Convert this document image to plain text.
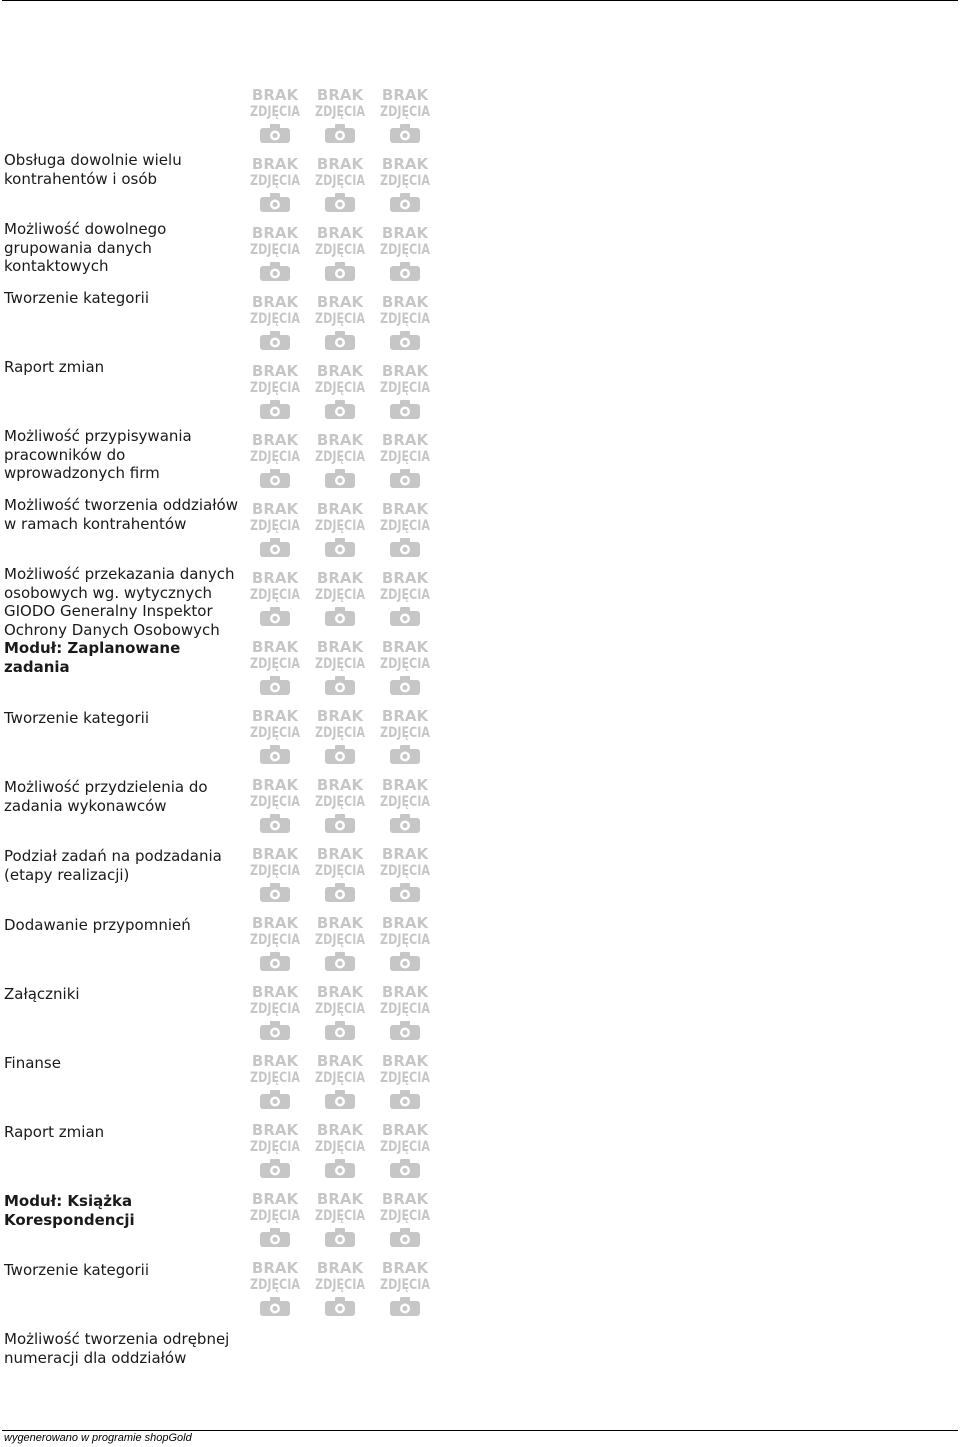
Obsługa dowolnie wielu kontrahentów i osób
Możliwość dowolnego grupowania danych kontaktowych
Tworzenie kategorii
Raport zmian
Możliwość przypisywania pracowników do wprowadzonych firm
Możliwość tworzenia oddziałów w ramach kontrahentów
Możliwość przekazania danych osobowych wg. wytycznych GIODO Generalny Inspektor Ochrony Danych Osobowych
Moduł: Zaplanowane zadania
Tworzenie kategorii
Możliwość przydzielenia do zadania wykonawców
Podział zadań na podzadania (etapy realizacji)
Dodawanie przypomnień
Załączniki
Finanse
Raport zmian
Moduł: Książka Korespondencji
Tworzenie kategorii
Możliwość tworzenia odrębnej numeracji dla oddziałów
BRAK
ZDJĘCIA
BRAK
ZDJĘCIA
BRAK
ZDJĘCIA
BRAK
ZDJĘCIA
BRAK
ZDJĘCIA
BRAK
ZDJĘCIA
BRAK
ZDJĘCIA
BRAK
ZDJĘCIA
BRAK
ZDJĘCIA
BRAK
ZDJĘCIA
BRAK
ZDJĘCIA
BRAK
ZDJĘCIA
BRAK
ZDJĘCIA
BRAK
ZDJĘCIA
BRAK
ZDJĘCIA
BRAK
ZDJĘCIA
BRAK
ZDJĘCIA
BRAK
ZDJĘCIA
BRAK
ZDJĘCIA
BRAK
ZDJĘCIA
BRAK
ZDJĘCIA
BRAK
ZDJĘCIA
BRAK
ZDJĘCIA
BRAK
ZDJĘCIA
BRAK
ZDJĘCIA
BRAK
ZDJĘCIA
BRAK
ZDJĘCIA
BRAK
ZDJĘCIA
BRAK
ZDJĘCIA
BRAK
ZDJĘCIA
BRAK
ZDJĘCIA
BRAK
ZDJĘCIA
BRAK
ZDJĘCIA
BRAK
ZDJĘCIA
BRAK
ZDJĘCIA
BRAK
ZDJĘCIA
BRAK
ZDJĘCIA
BRAK
ZDJĘCIA
BRAK
ZDJĘCIA
BRAK
ZDJĘCIA
BRAK
ZDJĘCIA
BRAK
ZDJĘCIA
BRAK
ZDJĘCIA
BRAK
ZDJĘCIA
BRAK
ZDJĘCIA
BRAK
ZDJĘCIA
BRAK
ZDJĘCIA
BRAK
ZDJĘCIA
BRAK
ZDJĘCIA
BRAK
ZDJĘCIA
BRAK
ZDJĘCIA
BRAK
ZDJĘCIA
BRAK
ZDJĘCIA
BRAK
ZDJĘCIA
wygenerowano w programie shopGold
